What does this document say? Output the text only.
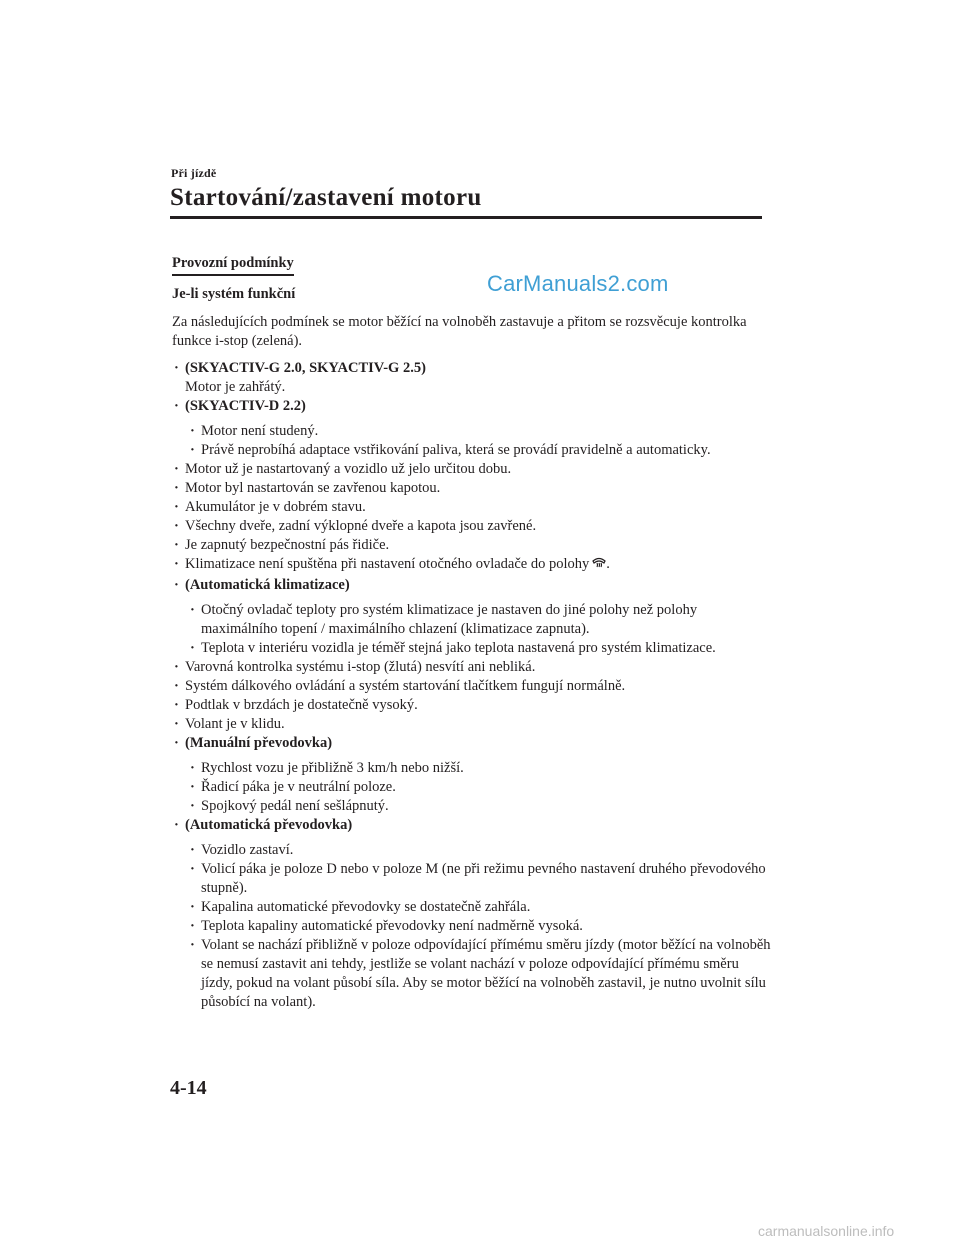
Při jízdě
Startování/zastavení motoru
CarManuals2.com
Provozní podmínky
Je-li systém funkční
Za následujících podmínek se motor běžící na volnoběh zastavuje a přitom se rozsvěcuje kontrolka funkce i-stop (zelená).
· (SKYACTIV-G 2.0, SKYACTIV-G 2.5)
Motor je zahřátý.
· (SKYACTIV-D 2.2)
· Motor není studený.
· Právě neprobíhá adaptace vstřikování paliva, která se provádí pravidelně a automaticky.
· Motor už je nastartovaný a vozidlo už jelo určitou dobu.
· Motor byl nastartován se zavřenou kapotou.
· Akumulátor je v dobrém stavu.
· Všechny dveře, zadní výklopné dveře a kapota jsou zavřené.
· Je zapnutý bezpečnostní pás řidiče.
· Klimatizace není spuštěna při nastavení otočného ovladače do polohy .
· (Automatická klimatizace)
· Otočný ovladač teploty pro systém klimatizace je nastaven do jiné polohy než polohy maximálního topení / maximálního chlazení (klimatizace zapnuta).
· Teplota v interiéru vozidla je téměř stejná jako teplota nastavená pro systém klimatizace.
· Varovná kontrolka systému i-stop (žlutá) nesvítí ani nebliká.
· Systém dálkového ovládání a systém startování tlačítkem fungují normálně.
· Podtlak v brzdách je dostatečně vysoký.
· Volant je v klidu.
· (Manuální převodovka)
· Rychlost vozu je přibližně 3 km/h nebo nižší.
· Řadicí páka je v neutrální poloze.
· Spojkový pedál není sešlápnutý.
· (Automatická převodovka)
· Vozidlo zastaví.
· Volicí páka je poloze D nebo v poloze M (ne při režimu pevného nastavení druhého převodového stupně).
· Kapalina automatické převodovky se dostatečně zahřála.
· Teplota kapaliny automatické převodovky není nadměrně vysoká.
· Volant se nachází přibližně v poloze odpovídající přímému směru jízdy (motor běžící na volnoběh se nemusí zastavit ani tehdy, jestliže se volant nachází v poloze odpovídající přímému směru jízdy, pokud na volant působí síla. Aby se motor běžící na volnoběh zastavil, je nutno uvolnit sílu působící na volant).
4-14
carmanualsonline.info
